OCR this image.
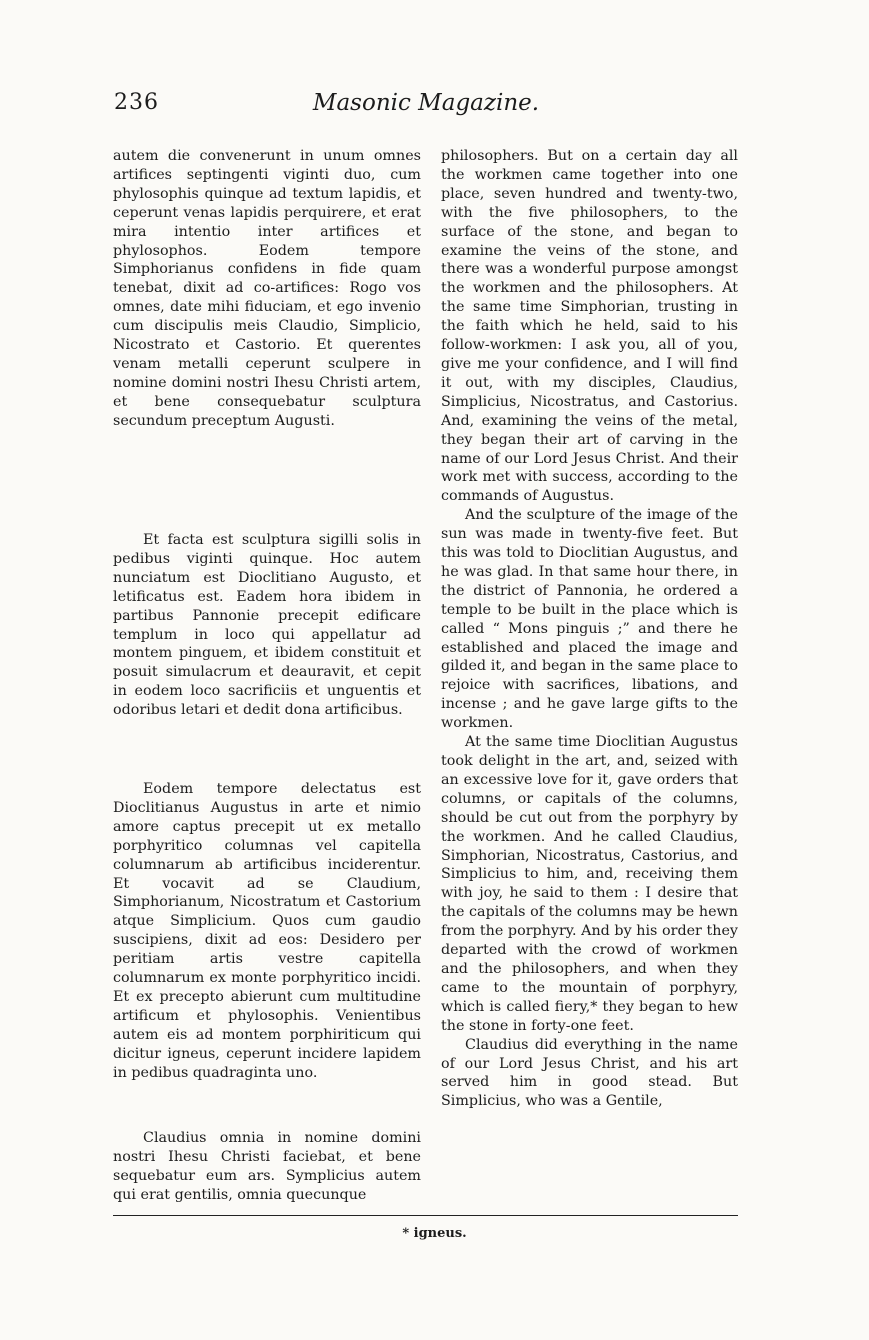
236	Masonic Magazine.

autem die convenerunt in unum omnes artifices septingenti viginti duo, cum phylosophis quinque ad textum lapidis, et ceperunt venas lapidis perquirere, et erat mira intentio inter artifices et phylosophos. Eodem tempore Simphorianus confidens in fide quam tenebat, dixit ad co-artifices: Rogo vos omnes, date mihi fiduciam, et ego invenio cum discipulis meis Claudio, Simplicio, Nicostrato et Castorio. Et querentes venam metalli ceperunt sculpere in nomine domini nostri Ihesu Christi artem, et bene consequebatur sculptura secundum preceptum Augusti.

Et facta est sculptura sigilli solis in pedibus viginti quinque. Hoc autem nunciatum est Dioclitiano Augusto, et letificatus est. Eadem hora ibidem in partibus Pannonie precepit edificare templum in loco qui appellatur ad montem pinguem, et ibidem constituit et posuit simulacrum et deauravit, et cepit in eodem loco sacrificiis et unguentis et odoribus letari et dedit dona artificibus.

Eodem tempore delectatus est Dioclitianus Augustus in arte et nimio amore captus precepit ut ex metallo porphyritico columnas vel capitella columnarum ab artificibus inciderentur. Et vocavit ad se Claudium, Simphorianum, Nicostratum et Castorium atque Simplicium. Quos cum gaudio suscipiens, dixit ad eos: Desidero per peritiam artis vestre capitella columnarum ex monte porphyritico incidi. Et ex precepto abierunt cum multitudine artificum et phylosophis. Venientibus autem eis ad montem porphiriticum qui dicitur igneus, ceperunt incidere lapidem in pedibus quadraginta uno.

Claudius omnia in nomine domini nostri Ihesu Christi faciebat, et bene sequebatur eum ars. Symplicius autem qui erat gentilis, omnia quecunque

philosophers. But on a certain day all the workmen came together into one place, seven hundred and twenty-two, with the five philosophers, to the surface of the stone, and began to examine the veins of the stone, and there was a wonderful purpose amongst the workmen and the philosophers. At the same time Simphorian, trusting in the faith which he held, said to his follow-workmen: I ask you, all of you, give me your confidence, and I will find it out, with my disciples, Claudius, Simplicius, Nicostratus, and Castorius. And, examining the veins of the metal, they began their art of carving in the name of our Lord Jesus Christ. And their work met with success, according to the commands of Augustus.

And the sculpture of the image of the sun was made in twenty-five feet. But this was told to Dioclitian Augustus, and he was glad. In that same hour there, in the district of Pannonia, he ordered a temple to be built in the place which is called “ Mons pinguis ;” and there he established and placed the image and gilded it, and began in the same place to rejoice with sacrifices, libations, and incense ; and he gave large gifts to the workmen.

At the same time Dioclitian Augustus took delight in the art, and, seized with an excessive love for it, gave orders that columns, or capitals of the columns, should be cut out from the porphyry by the workmen. And he called Claudius, Simphorian, Nicostratus, Castorius, and Simplicius to him, and, receiving them with joy, he said to them : I desire that the capitals of the columns may be hewn from the porphyry. And by his order they departed with the crowd of workmen and the philosophers, and when they came to the mountain of porphyry, which is called fiery,* they began to hew the stone in forty-one feet.

Claudius did everything in the name of our Lord Jesus Christ, and his art served him in good stead. But Simplicius, who was a Gentile,

* igneus.
